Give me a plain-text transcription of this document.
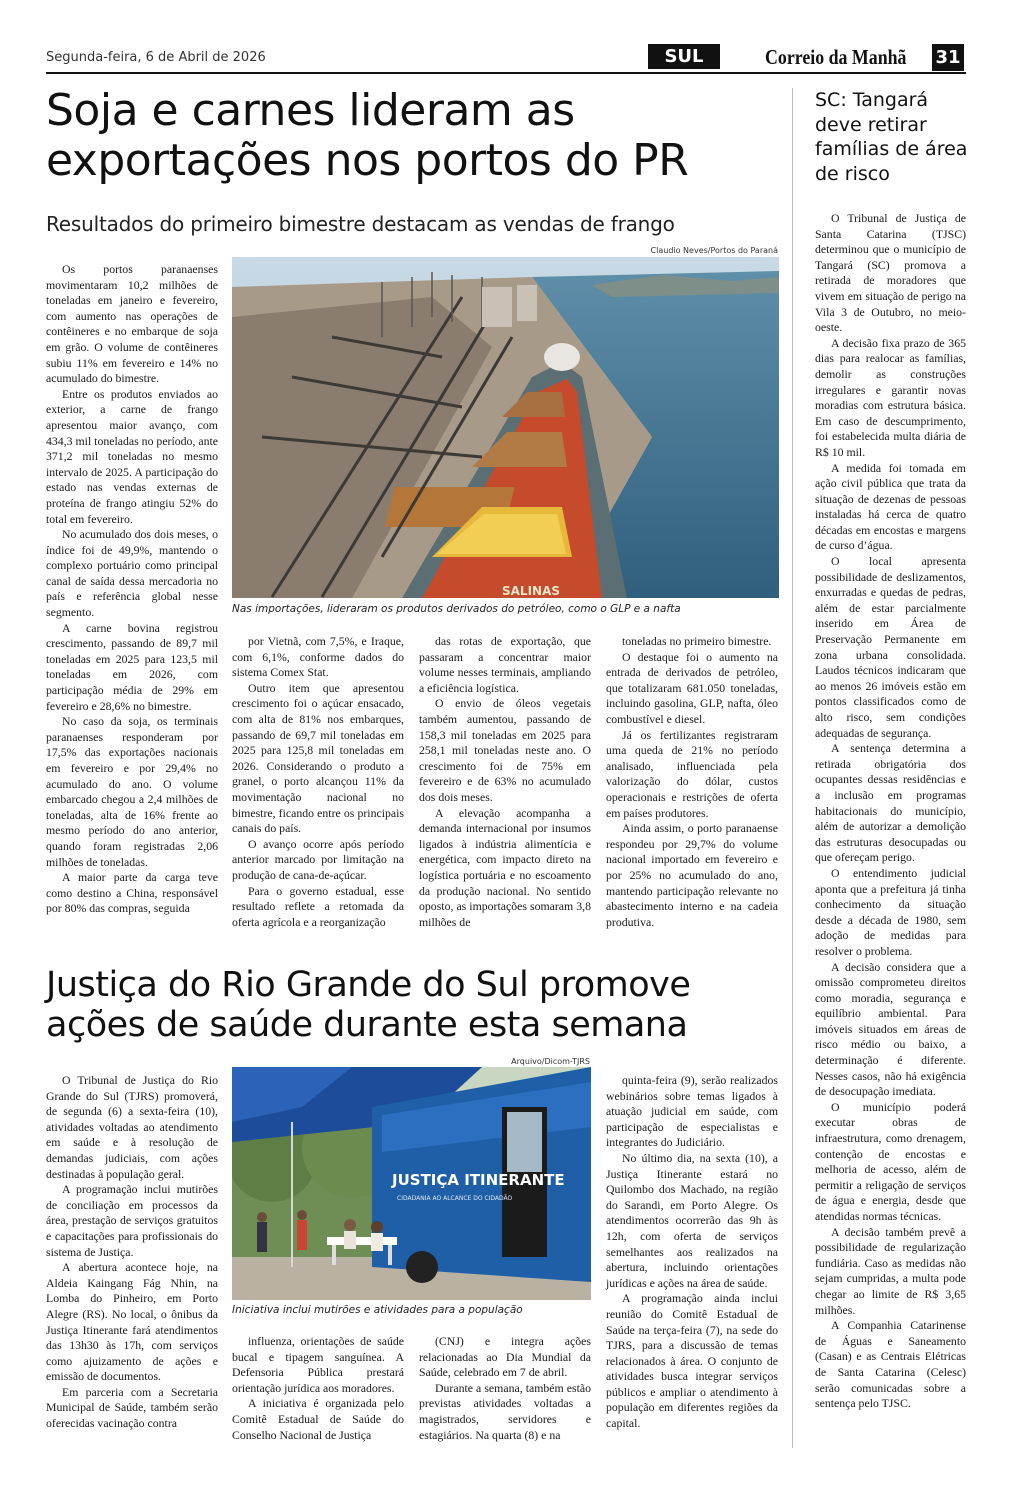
Segunda-feira, 6 de Abril de 2026	SUL	Correio da Manhã 31
Soja e carnes lideram as exportações nos portos do PR
Resultados do primeiro bimestre destacam as vendas de frango
Claudio Neves/Portos do Paraná
SALINAS
Nas importações, lideraram os produtos derivados do petróleo, como o GLP e a nafta

Os portos paranaenses movimentaram 10,2 milhões de toneladas em janeiro e fevereiro, com aumento nas operações de contêineres e no embarque de soja em grão. O volume de contêineres subiu 11% em fevereiro e 14% no acumulado do bimestre.

Entre os produtos enviados ao exterior, a carne de frango apresentou maior avanço, com 434,3 mil toneladas no período, ante 371,2 mil toneladas no mesmo intervalo de 2025. A participação do estado nas vendas externas de proteína de frango atingiu 52% do total em fevereiro.

No acumulado dos dois meses, o índice foi de 49,9%, mantendo o complexo portuário como principal canal de saída dessa mercadoria no país e referência global nesse segmento.

A carne bovina registrou crescimento, passando de 89,7 mil toneladas em 2025 para 123,5 mil toneladas em 2026, com participação média de 29% em fevereiro e 28,6% no bimestre.

No caso da soja, os terminais paranaenses responderam por 17,5% das exportações nacionais em fevereiro e por 29,4% no acumulado do ano. O volume embarcado chegou a 2,4 milhões de toneladas, alta de 16% frente ao mesmo período do ano anterior, quando foram registradas 2,06 milhões de toneladas.

A maior parte da carga teve como destino a China, responsável por 80% das compras, seguida

por Vietnã, com 7,5%, e Iraque, com 6,1%, conforme dados do sistema Comex Stat.

Outro item que apresentou crescimento foi o açúcar ensacado, com alta de 81% nos embarques, passando de 69,7 mil toneladas em 2025 para 125,8 mil toneladas em 2026. Considerando o produto a granel, o porto alcançou 11% da movimentação nacional no bimestre, ficando entre os principais canais do país.

O avanço ocorre após período anterior marcado por limitação na produção de cana-de-açúcar.

Para o governo estadual, esse resultado reflete a retomada da oferta agrícola e a reorganização

das rotas de exportação, que passaram a concentrar maior volume nesses terminais, ampliando a eficiência logística.

O envio de óleos vegetais também aumentou, passando de 158,3 mil toneladas em 2025 para 258,1 mil toneladas neste ano. O crescimento foi de 75% em fevereiro e de 63% no acumulado dos dois meses.

A elevação acompanha a demanda internacional por insumos ligados à indústria alimentícia e energética, com impacto direto na logística portuária e no escoamento da produção nacional. No sentido oposto, as importações somaram 3,8 milhões de

toneladas no primeiro bimestre.

O destaque foi o aumento na entrada de derivados de petróleo, que totalizaram 681.050 toneladas, incluindo gasolina, GLP, nafta, óleo combustível e diesel.

Já os fertilizantes registraram uma queda de 21% no período analisado, influenciada pela valorização do dólar, custos operacionais e restrições de oferta em países produtores.

Ainda assim, o porto paranaense respondeu por 29,7% do volume nacional importado em fevereiro e por 25% no acumulado do ano, mantendo participação relevante no abastecimento interno e na cadeia produtiva.

Justiça do Rio Grande do Sul promove ações de saúde durante esta semana
Arquivo/Dicom-TJRS
JUSTIÇA ITINERANTE
CIDADANIA AO ALCANCE DO CIDADÃO
Iniciativa inclui mutirões e atividades para a população

O Tribunal de Justiça do Rio Grande do Sul (TJRS) promoverá, de segunda (6) a sexta-feira (10), atividades voltadas ao atendimento em saúde e à resolução de demandas judiciais, com ações destinadas à população geral.

A programação inclui mutirões de conciliação em processos da área, prestação de serviços gratuitos e capacitações para profissionais do sistema de Justiça.

A abertura acontece hoje, na Aldeia Kaingang Fág Nhin, na Lomba do Pinheiro, em Porto Alegre (RS). No local, o ônibus da Justiça Itinerante fará atendimentos das 13h30 às 17h, com serviços como ajuizamento de ações e emissão de documentos.

Em parceria com a Secretaria Municipal de Saúde, também serão oferecidas vacinação contra

influenza, orientações de saúde bucal e tipagem sanguínea. A Defensoria Pública prestará orientação jurídica aos moradores.

A iniciativa é organizada pelo Comitê Estadual de Saúde do Conselho Nacional de Justiça

(CNJ) e integra ações relacionadas ao Dia Mundial da Saúde, celebrado em 7 de abril.

Durante a semana, também estão previstas atividades voltadas a magistrados, servidores e estagiários. Na quarta (8) e na

quinta-feira (9), serão realizados webinários sobre temas ligados à atuação judicial em saúde, com participação de especialistas e integrantes do Judiciário.

No último dia, na sexta (10), a Justiça Itinerante estará no Quilombo dos Machado, na região do Sarandi, em Porto Alegre. Os atendimentos ocorrerão das 9h às 12h, com oferta de serviços semelhantes aos realizados na abertura, incluindo orientações jurídicas e ações na área de saúde.

A programação ainda inclui reunião do Comitê Estadual de Saúde na terça-feira (7), na sede do TJRS, para a discussão de temas relacionados à área. O conjunto de atividades busca integrar serviços públicos e ampliar o atendimento à população em diferentes regiões da capital.

SC: Tangará deve retirar famílias de área de risco

O Tribunal de Justiça de Santa Catarina (TJSC) determinou que o município de Tangará (SC) promova a retirada de moradores que vivem em situação de perigo na Vila 3 de Outubro, no meio-oeste.

A decisão fixa prazo de 365 dias para realocar as famílias, demolir as construções irregulares e garantir novas moradias com estrutura básica. Em caso de descumprimento, foi estabelecida multa diária de R$ 10 mil.

A medida foi tomada em ação civil pública que trata da situação de dezenas de pessoas instaladas há cerca de quatro décadas em encostas e margens de curso d’água.

O local apresenta possibilidade de deslizamentos, enxurradas e quedas de pedras, além de estar parcialmente inserido em Área de Preservação Permanente em zona urbana consolidada. Laudos técnicos indicaram que ao menos 26 imóveis estão em pontos classificados como de alto risco, sem condições adequadas de segurança.

A sentença determina a retirada obrigatória dos ocupantes dessas residências e a inclusão em programas habitacionais do município, além de autorizar a demolição das estruturas desocupadas ou que ofereçam perigo.

O entendimento judicial aponta que a prefeitura já tinha conhecimento da situação desde a década de 1980, sem adoção de medidas para resolver o problema.

A decisão considera que a omissão comprometeu direitos como moradia, segurança e equilíbrio ambiental. Para imóveis situados em áreas de risco médio ou baixo, a determinação é diferente. Nesses casos, não há exigência de desocupação imediata.

O município poderá executar obras de infraestrutura, como drenagem, contenção de encostas e melhoria de acesso, além de permitir a religação de serviços de água e energia, desde que atendidas normas técnicas.

A decisão também prevê a possibilidade de regularização fundiária. Caso as medidas não sejam cumpridas, a multa pode chegar ao limite de R$ 3,65 milhões.

A Companhia Catarinense de Águas e Saneamento (Casan) e as Centrais Elétricas de Santa Catarina (Celesc) serão comunicadas sobre a sentença pelo TJSC.
